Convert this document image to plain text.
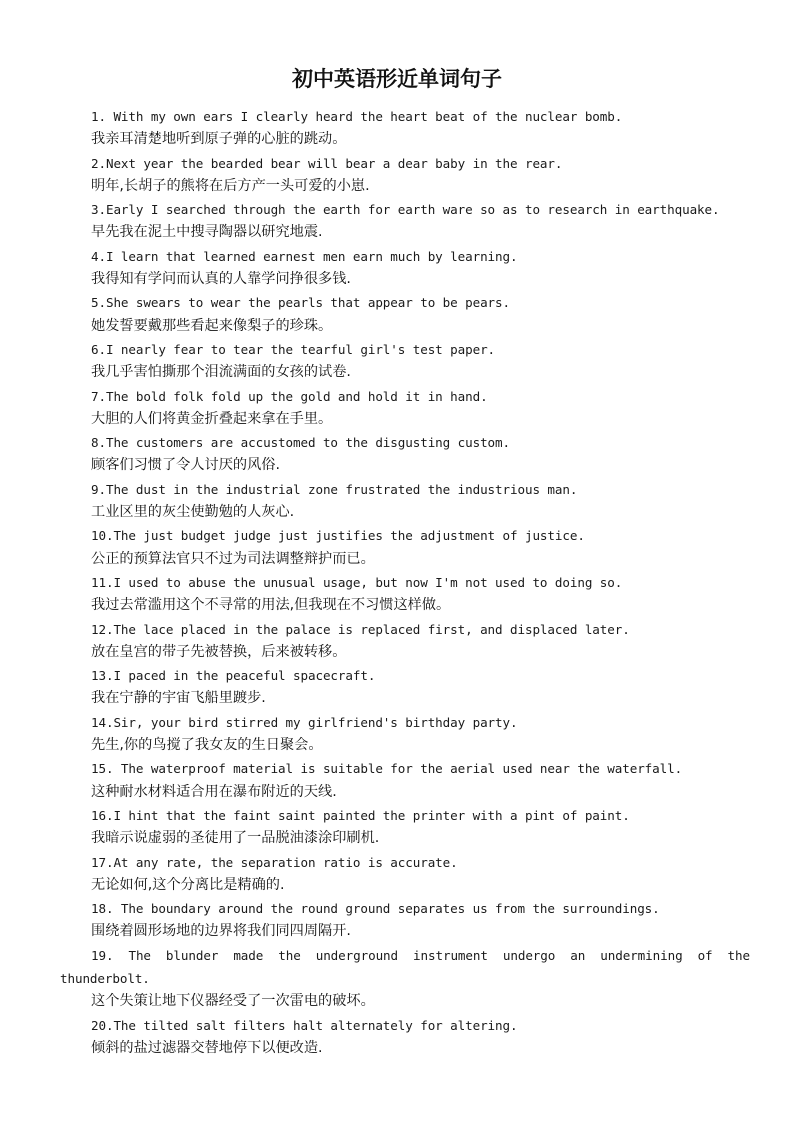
初中英语形近单词句子
1. With my own ears I clearly heard the heart beat of the nuclear bomb.
我亲耳清楚地听到原子弹的心脏的跳动。
2.Next year the bearded bear will bear a dear baby in the rear.
明年,长胡子的熊将在后方产一头可爱的小崽.
3.Early I searched through the earth for earth ware so as to research in earthquake.
早先我在泥土中搜寻陶器以研究地震.
4.I learn that learned earnest men earn much by learning.
我得知有学问而认真的人靠学问挣很多钱.
5.She swears to wear the pearls that appear to be pears.
她发誓要戴那些看起来像梨子的珍珠。
6.I nearly fear to tear the tearful girl's test paper.
我几乎害怕撕那个泪流满面的女孩的试卷.
7.The bold folk fold up the gold and hold it in hand.
大胆的人们将黄金折叠起来拿在手里。
8.The customers are accustomed to the disgusting custom.
顾客们习惯了令人讨厌的风俗.
9.The dust in the industrial zone frustrated the industrious man.
工业区里的灰尘使勤勉的人灰心.
10.The just budget judge just justifies the adjustment of justice.
公正的预算法官只不过为司法调整辩护而已。
11.I used to abuse the unusual usage, but now I'm not used to doing so.
我过去常滥用这个不寻常的用法,但我现在不习惯这样做。
12.The lace placed in the palace is replaced first, and displaced later.
放在皇宫的带子先被替换，后来被转移。
13.I paced in the peaceful spacecraft.
我在宁静的宇宙飞船里踱步.
14.Sir, your bird stirred my girlfriend's birthday party.
先生,你的鸟搅了我女友的生日聚会。
15. The waterproof material is suitable for the aerial used near the waterfall.
这种耐水材料适合用在瀑布附近的天线.
16.I hint that the faint saint painted the printer with a pint of paint.
我暗示说虚弱的圣徒用了一品脱油漆涂印刷机.
17.At any rate, the separation ratio is accurate.
无论如何,这个分离比是精确的.
18. The boundary around the round ground separates us from the surroundings.
围绕着圆形场地的边界将我们同四周隔开.
19. The blunder made the underground instrument undergo an undermining of the thunderbolt.
这个失策让地下仪器经受了一次雷电的破坏。
20.The tilted salt filters halt alternately for altering.
倾斜的盐过滤器交替地停下以便改造.
